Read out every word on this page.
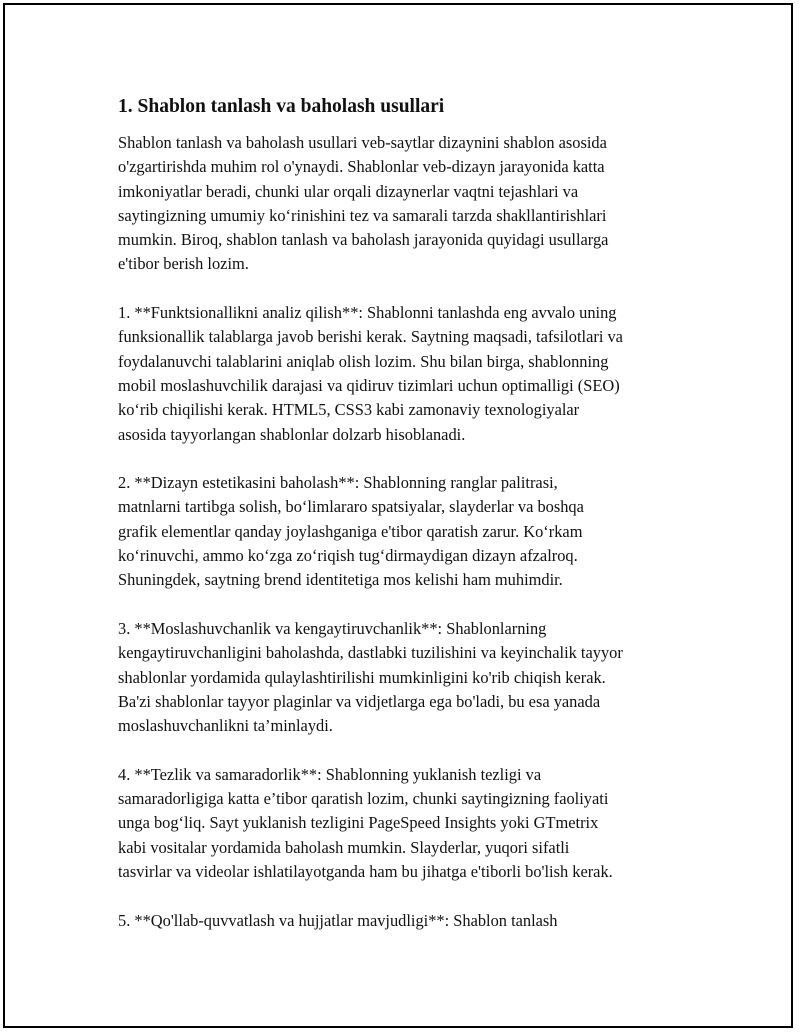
1. Shablon tanlash va baholash usullari
Shablon tanlash va baholash usullari veb-saytlar dizaynini shablon asosida
o'zgartirishda muhim rol o'ynaydi. Shablonlar veb-dizayn jarayonida katta
imkoniyatlar beradi, chunki ular orqali dizaynerlar vaqtni tejashlari va
saytingizning umumiy ko‘rinishini tez va samarali tarzda shakllantirishlari
mumkin. Biroq, shablon tanlash va baholash jarayonida quyidagi usullarga
e'tibor berish lozim.
1. **Funktsionallikni analiz qilish**: Shablonni tanlashda eng avvalo uning
funksionallik talablarga javob berishi kerak. Saytning maqsadi, tafsilotlari va
foydalanuvchi talablarini aniqlab olish lozim. Shu bilan birga, shablonning
mobil moslashuvchilik darajasi va qidiruv tizimlari uchun optimalligi (SEO)
ko‘rib chiqilishi kerak. HTML5, CSS3 kabi zamonaviy texnologiyalar
asosida tayyorlangan shablonlar dolzarb hisoblanadi.
2. **Dizayn estetikasini baholash**: Shablonning ranglar palitrasi,
matnlarni tartibga solish, bo‘limlararo spatsiyalar, slayderlar va boshqa
grafik elementlar qanday joylashganiga e'tibor qaratish zarur. Ko‘rkam
ko‘rinuvchi, ammo ko‘zga zo‘riqish tug‘dirmaydigan dizayn afzalroq.
Shuningdek, saytning brend identitetiga mos kelishi ham muhimdir.
3. **Moslashuvchanlik va kengaytiruvchanlik**: Shablonlarning
kengaytiruvchanligini baholashda, dastlabki tuzilishini va keyinchalik tayyor
shablonlar yordamida qulaylashtirilishi mumkinligini ko'rib chiqish kerak.
Ba'zi shablonlar tayyor plaginlar va vidjetlarga ega bo'ladi, bu esa yanada
moslashuvchanlikni ta’minlaydi.
4. **Tezlik va samaradorlik**: Shablonning yuklanish tezligi va
samaradorligiga katta e’tibor qaratish lozim, chunki saytingizning faoliyati
unga bog‘liq. Sayt yuklanish tezligini PageSpeed Insights yoki GTmetrix
kabi vositalar yordamida baholash mumkin. Slayderlar, yuqori sifatli
tasvirlar va videolar ishlatilayotganda ham bu jihatga e'tiborli bo'lish kerak.
5. **Qo'llab-quvvatlash va hujjatlar mavjudligi**: Shablon tanlash
